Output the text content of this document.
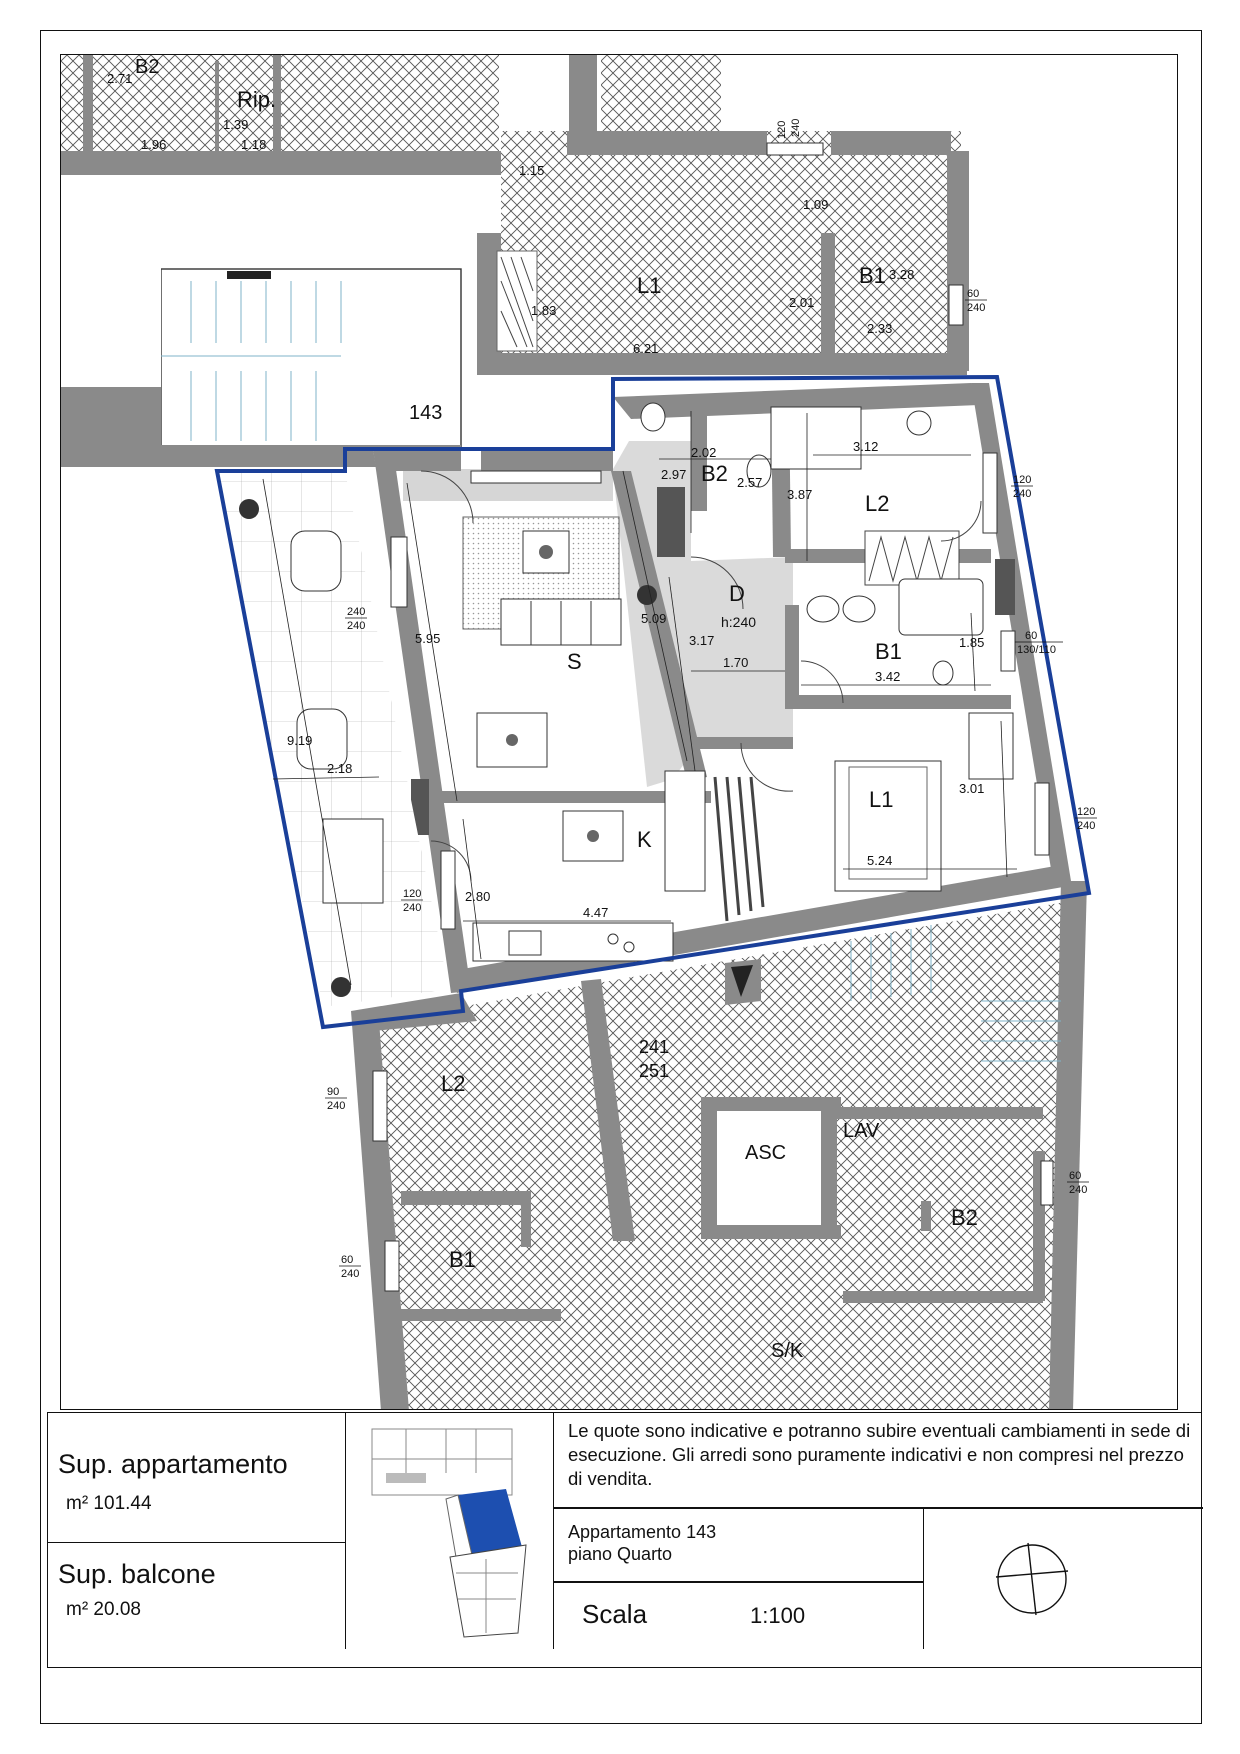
S
K
L1
L2
B1
B2
D
h:240
143
B2
Rip.
L1	B1
L2
B1
S/K
ASC
LAV
B2
241
251
5.95
5.09
2.80
4.47
2.02
2.97
2.57
3.87
3.12
3.17
1.70
1.85
3.42
3.01
5.24
9.19
2.18
2.71
1.39
1.96	1.18
1.15
1.09
1.83
6.21
3.28
2.01
2.33
120 240
60
240
120
240
60
130/110
120
240
240
240
120
240
90
240
60
240
60
240
Sup. appartamento
m² 101.44
Sup. balcone
m² 20.08
Le quote sono indicative e potranno subire eventuali cambiamenti in sede di esecuzione. Gli arredi sono puramente indicativi e non compresi nel prezzo di vendita.
Appartamento 143
piano Quarto
Scala	1:100
